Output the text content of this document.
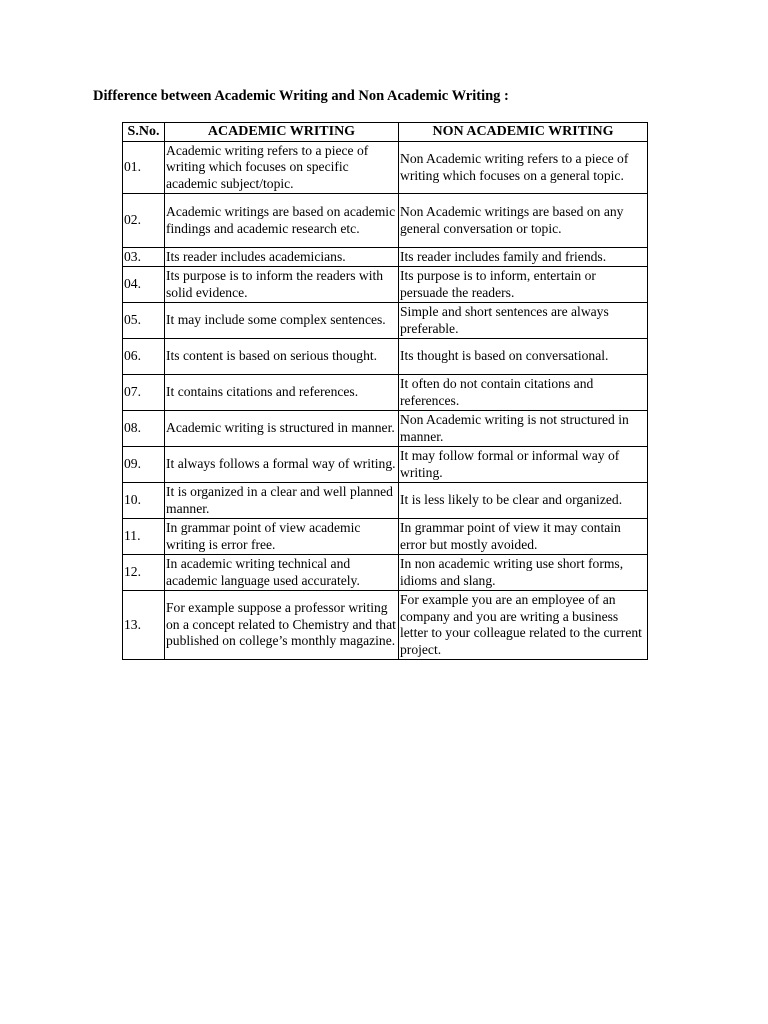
Difference between Academic Writing and Non Academic Writing :
S.No.	ACADEMIC WRITING	NON ACADEMIC WRITING
01.	Academic writing refers to a piece of writing which focuses on specific academic subject/topic.	Non Academic writing refers to a piece of writing which focuses on a general topic.
02.	Academic writings are based on academic findings and academic research etc.	Non Academic writings are based on any general conversation or topic.
03.	Its reader includes academicians.	Its reader includes family and friends.
04.	Its purpose is to inform the readers with solid evidence.	Its purpose is to inform, entertain or persuade the readers.
05.	It may include some complex sentences.	Simple and short sentences are always preferable.
06.	Its content is based on serious thought.	Its thought is based on conversational.
07.	It contains citations and references.	It often do not contain citations and references.
08.	Academic writing is structured in manner.	Non Academic writing is not structured in manner.
09.	It always follows a formal way of writing.	It may follow formal or informal way of writing.
10.	It is organized in a clear and well planned manner.	It is less likely to be clear and organized.
11.	In grammar point of view academic writing is error free.	In grammar point of view it may contain error but mostly avoided.
12.	In academic writing technical and academic language used accurately.	In non academic writing use short forms, idioms and slang.
13.	For example suppose a professor writing on a concept related to Chemistry and that published on college’s monthly magazine.	For example you are an employee of an company and you are writing a business letter to your colleague related to the current project.
